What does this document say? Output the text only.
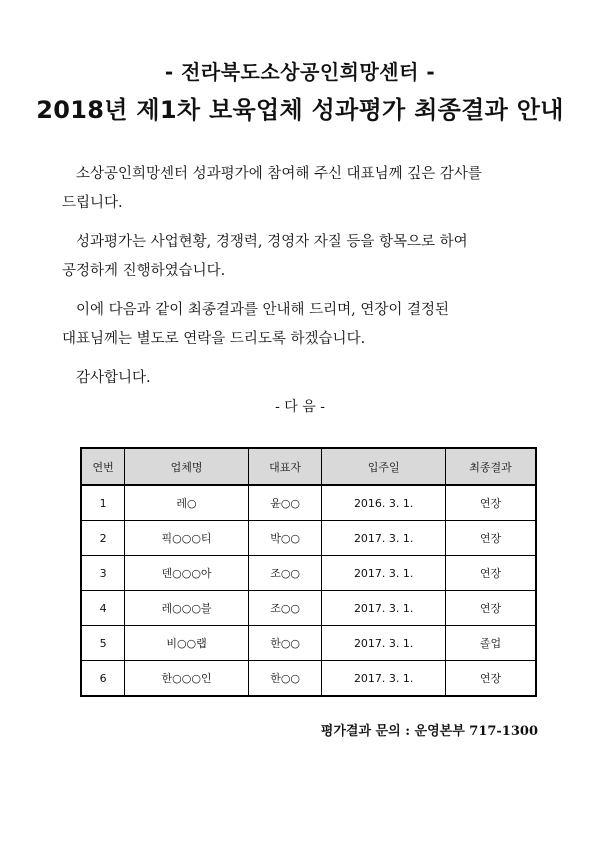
- 전라북도소상공인희망센터 -
2018년 제1차 보육업체 성과평가 최종결과 안내

소상공인희망센터 성과평가에 참여해 주신 대표님께 깊은 감사를
드립니다.

성과평가는 사업현황, 경쟁력, 경영자 자질 등을 항목으로 하여
공정하게 진행하였습니다.

이에 다음과 같이 최종결과를 안내해 드리며, 연장이 결정된
대표님께는 별도로 연락을 드리도록 하겠습니다.

감사합니다.

- 다 음 -
연번	업체명	대표자	입주일	최종결과
1	레○	윤○○	2016. 3. 1.	연장
2	픽○○○티	박○○	2017. 3. 1.	연장
3	덴○○○아	조○○	2017. 3. 1.	연장
4	레○○○블	조○○	2017. 3. 1.	연장
5	비○○랩	한○○	2017. 3. 1.	졸업
6	한○○○인	한○○	2017. 3. 1.	연장
평가결과 문의 : 운영본부 717-1300
